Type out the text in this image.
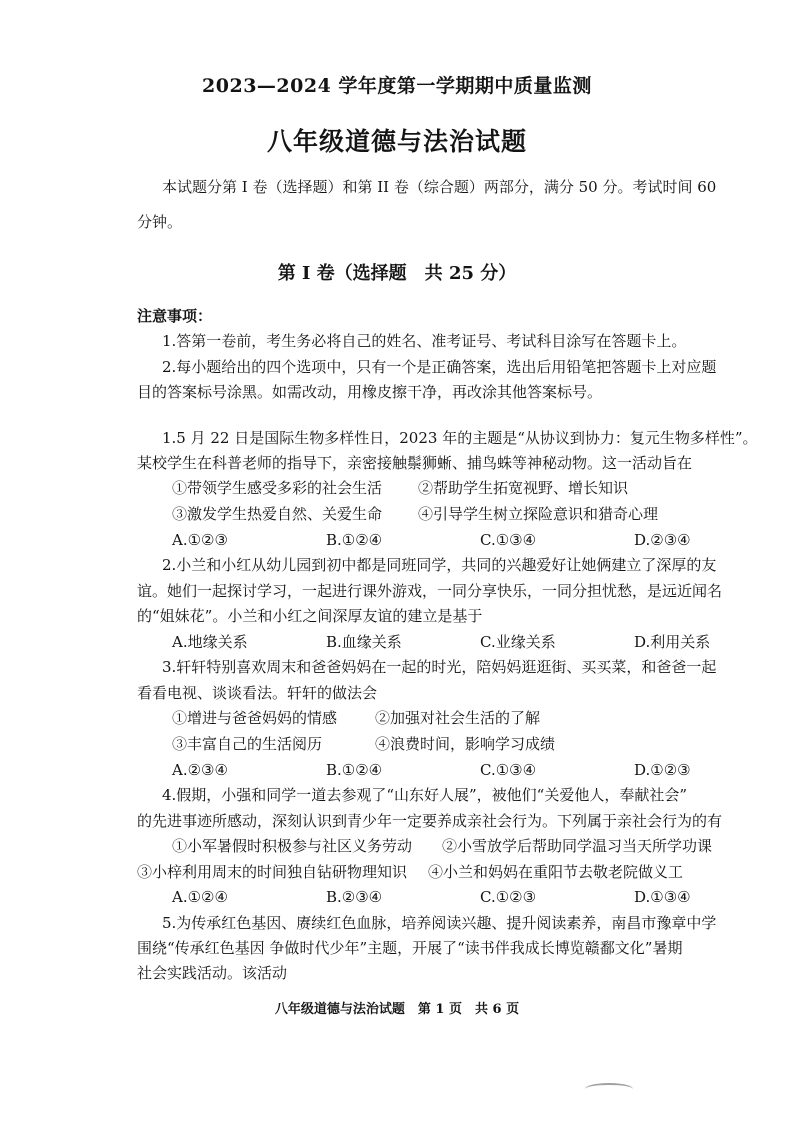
2023—2024 学年度第一学期期中质量监测
八年级道德与法治试题
本试题分第 I 卷（选择题）和第 II 卷（综合题）两部分，满分 50 分。考试时间 60
分钟。
第 I 卷（选择题　共 25 分）
注意事项：
1.答第一卷前，考生务必将自己的姓名、准考证号、考试科目涂写在答题卡上。
2.每小题给出的四个选项中，只有一个是正确答案，选出后用铅笔把答题卡上对应题
目的答案标号涂黑。如需改动，用橡皮擦干净，再改涂其他答案标号。
1.5 月 22 日是国际生物多样性日，2023 年的主题是“从协议到协力：复元生物多样性”。
某校学生在科普老师的指导下，亲密接触鬃狮蜥、捕鸟蛛等神秘动物。这一活动旨在
①带领学生感受多彩的社会生活 ②帮助学生拓宽视野、增长知识
③激发学生热爱自然、关爱生命 ④引导学生树立探险意识和猎奇心理
A.①②③	B.①②④	C.①③④	D.②③④
2.小兰和小红从幼儿园到初中都是同班同学，共同的兴趣爱好让她俩建立了深厚的友
谊。她们一起探讨学习，一起进行课外游戏，一同分享快乐，一同分担忧愁，是远近闻名
的“姐妹花”。小兰和小红之间深厚友谊的建立是基于
A.地缘关系	B.血缘关系	C.业缘关系	D.利用关系
3.轩轩特别喜欢周末和爸爸妈妈在一起的时光，陪妈妈逛逛街、买买菜，和爸爸一起
看看电视、谈谈看法。轩轩的做法会
①增进与爸爸妈妈的情感	②加强对社会生活的了解
③丰富自己的生活阅历	④浪费时间，影响学习成绩
A.②③④	B.①②④	C.①③④	D.①②③
4.假期，小强和同学一道去参观了“山东好人展”，被他们“关爱他人，奉献社会”
的先进事迹所感动，深刻认识到青少年一定要养成亲社会行为。下列属于亲社会行为的有
①小军暑假时积极参与社区义务劳动 ②小雪放学后帮助同学温习当天所学功课
③小梓利用周末的时间独自钻研物理知识 ④小兰和妈妈在重阳节去敬老院做义工
A.①②④	B.②③④	C.①②③	D.①③④
5.为传承红色基因、赓续红色血脉，培养阅读兴趣、提升阅读素养，南昌市豫章中学
围绕“传承红色基因 争做时代少年”主题，开展了“读书伴我成长博览赣鄱文化”暑期
社会实践活动。该活动
八年级道德与法治试题　第 1 页　共 6 页
